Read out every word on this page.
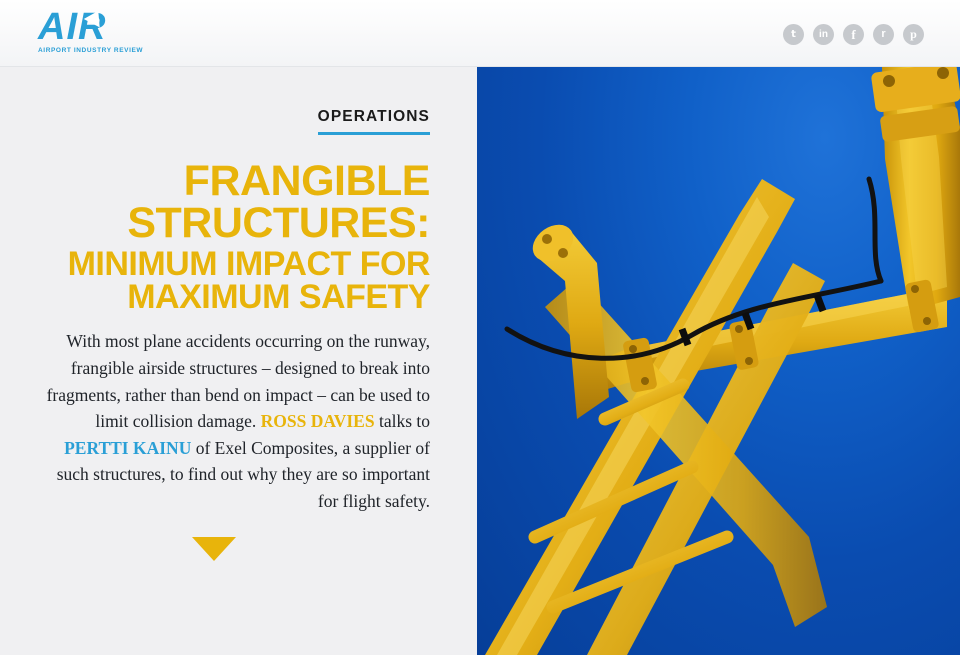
AIR
AIRPORT INDUSTRY REVIEW
t	in	f	r	p
OPERATIONS
FRANGIBLE
STRUCTURES:
MINIMUM IMPACT FOR
MAXIMUM SAFETY

With most plane accidents occurring on the runway, frangible airside structures – designed to break into fragments, rather than bend on impact – can be used to limit collision damage. ROSS DAVIES talks to PERTTI KAINU of Exel Composites, a supplier of such structures, to find out why they are so important for flight safety.
